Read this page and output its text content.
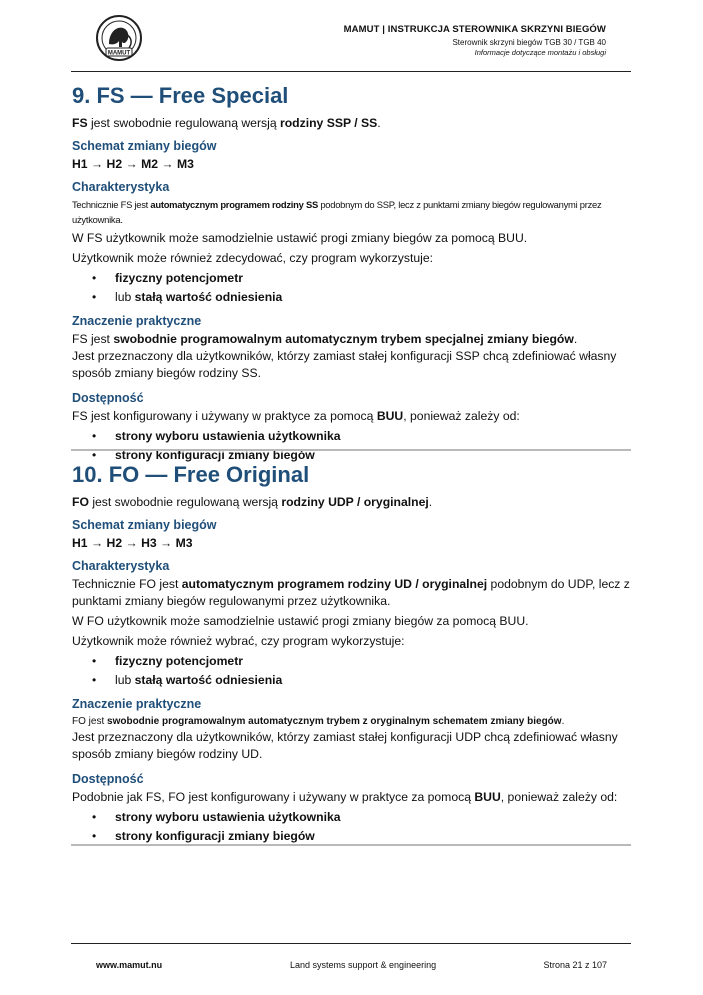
MAMUT
MAMUT | INSTRUKCJA STEROWNIKA SKRZYNI BIEGÓW
Sterownik skrzyni biegów TGB 30 / TGB 40
Informacje dotyczące montażu i obsługi
9. FS — Free Special

FS jest swobodnie regulowaną wersją rodziny SSP / SS.

Schemat zmiany biegów

H1 → H2 → M2 → M3

Charakterystyka

Technicznie FS jest automatycznym programem rodziny SS podobnym do SSP, lecz z punktami zmiany biegów regulowanymi przez użytkownika.

W FS użytkownik może samodzielnie ustawić progi zmiany biegów za pomocą BUU.

Użytkownik może również zdecydować, czy program wykorzystuje:

• fizyczny potencjometr
• lub stałą wartość odniesienia
Znaczenie praktyczne

FS jest swobodnie programowalnym automatycznym trybem specjalnej zmiany biegów.

Jest przeznaczony dla użytkowników, którzy zamiast stałej konfiguracji SSP chcą zdefiniować własny sposób zmiany biegów rodziny SS.

Dostępność

FS jest konfigurowany i używany w praktyce za pomocą BUU, ponieważ zależy od:

• strony wyboru ustawienia użytkownika
• strony konfiguracji zmiany biegów
10. FO — Free Original

FO jest swobodnie regulowaną wersją rodziny UDP / oryginalnej.

Schemat zmiany biegów

H1 → H2 → H3 → M3

Charakterystyka

Technicznie FO jest automatycznym programem rodziny UD / oryginalnej podobnym do UDP, lecz z punktami zmiany biegów regulowanymi przez użytkownika.

W FO użytkownik może samodzielnie ustawić progi zmiany biegów za pomocą BUU.

Użytkownik może również wybrać, czy program wykorzystuje:

• fizyczny potencjometr
• lub stałą wartość odniesienia
Znaczenie praktyczne

FO jest swobodnie programowalnym automatycznym trybem z oryginalnym schematem zmiany biegów.

Jest przeznaczony dla użytkowników, którzy zamiast stałej konfiguracji UDP chcą zdefiniować własny sposób zmiany biegów rodziny UD.

Dostępność

Podobnie jak FS, FO jest konfigurowany i używany w praktyce za pomocą BUU, ponieważ zależy od:

• strony wyboru ustawienia użytkownika
• strony konfiguracji zmiany biegów
www.mamut.nu	Land systems support & engineering	Strona 21 z 107
